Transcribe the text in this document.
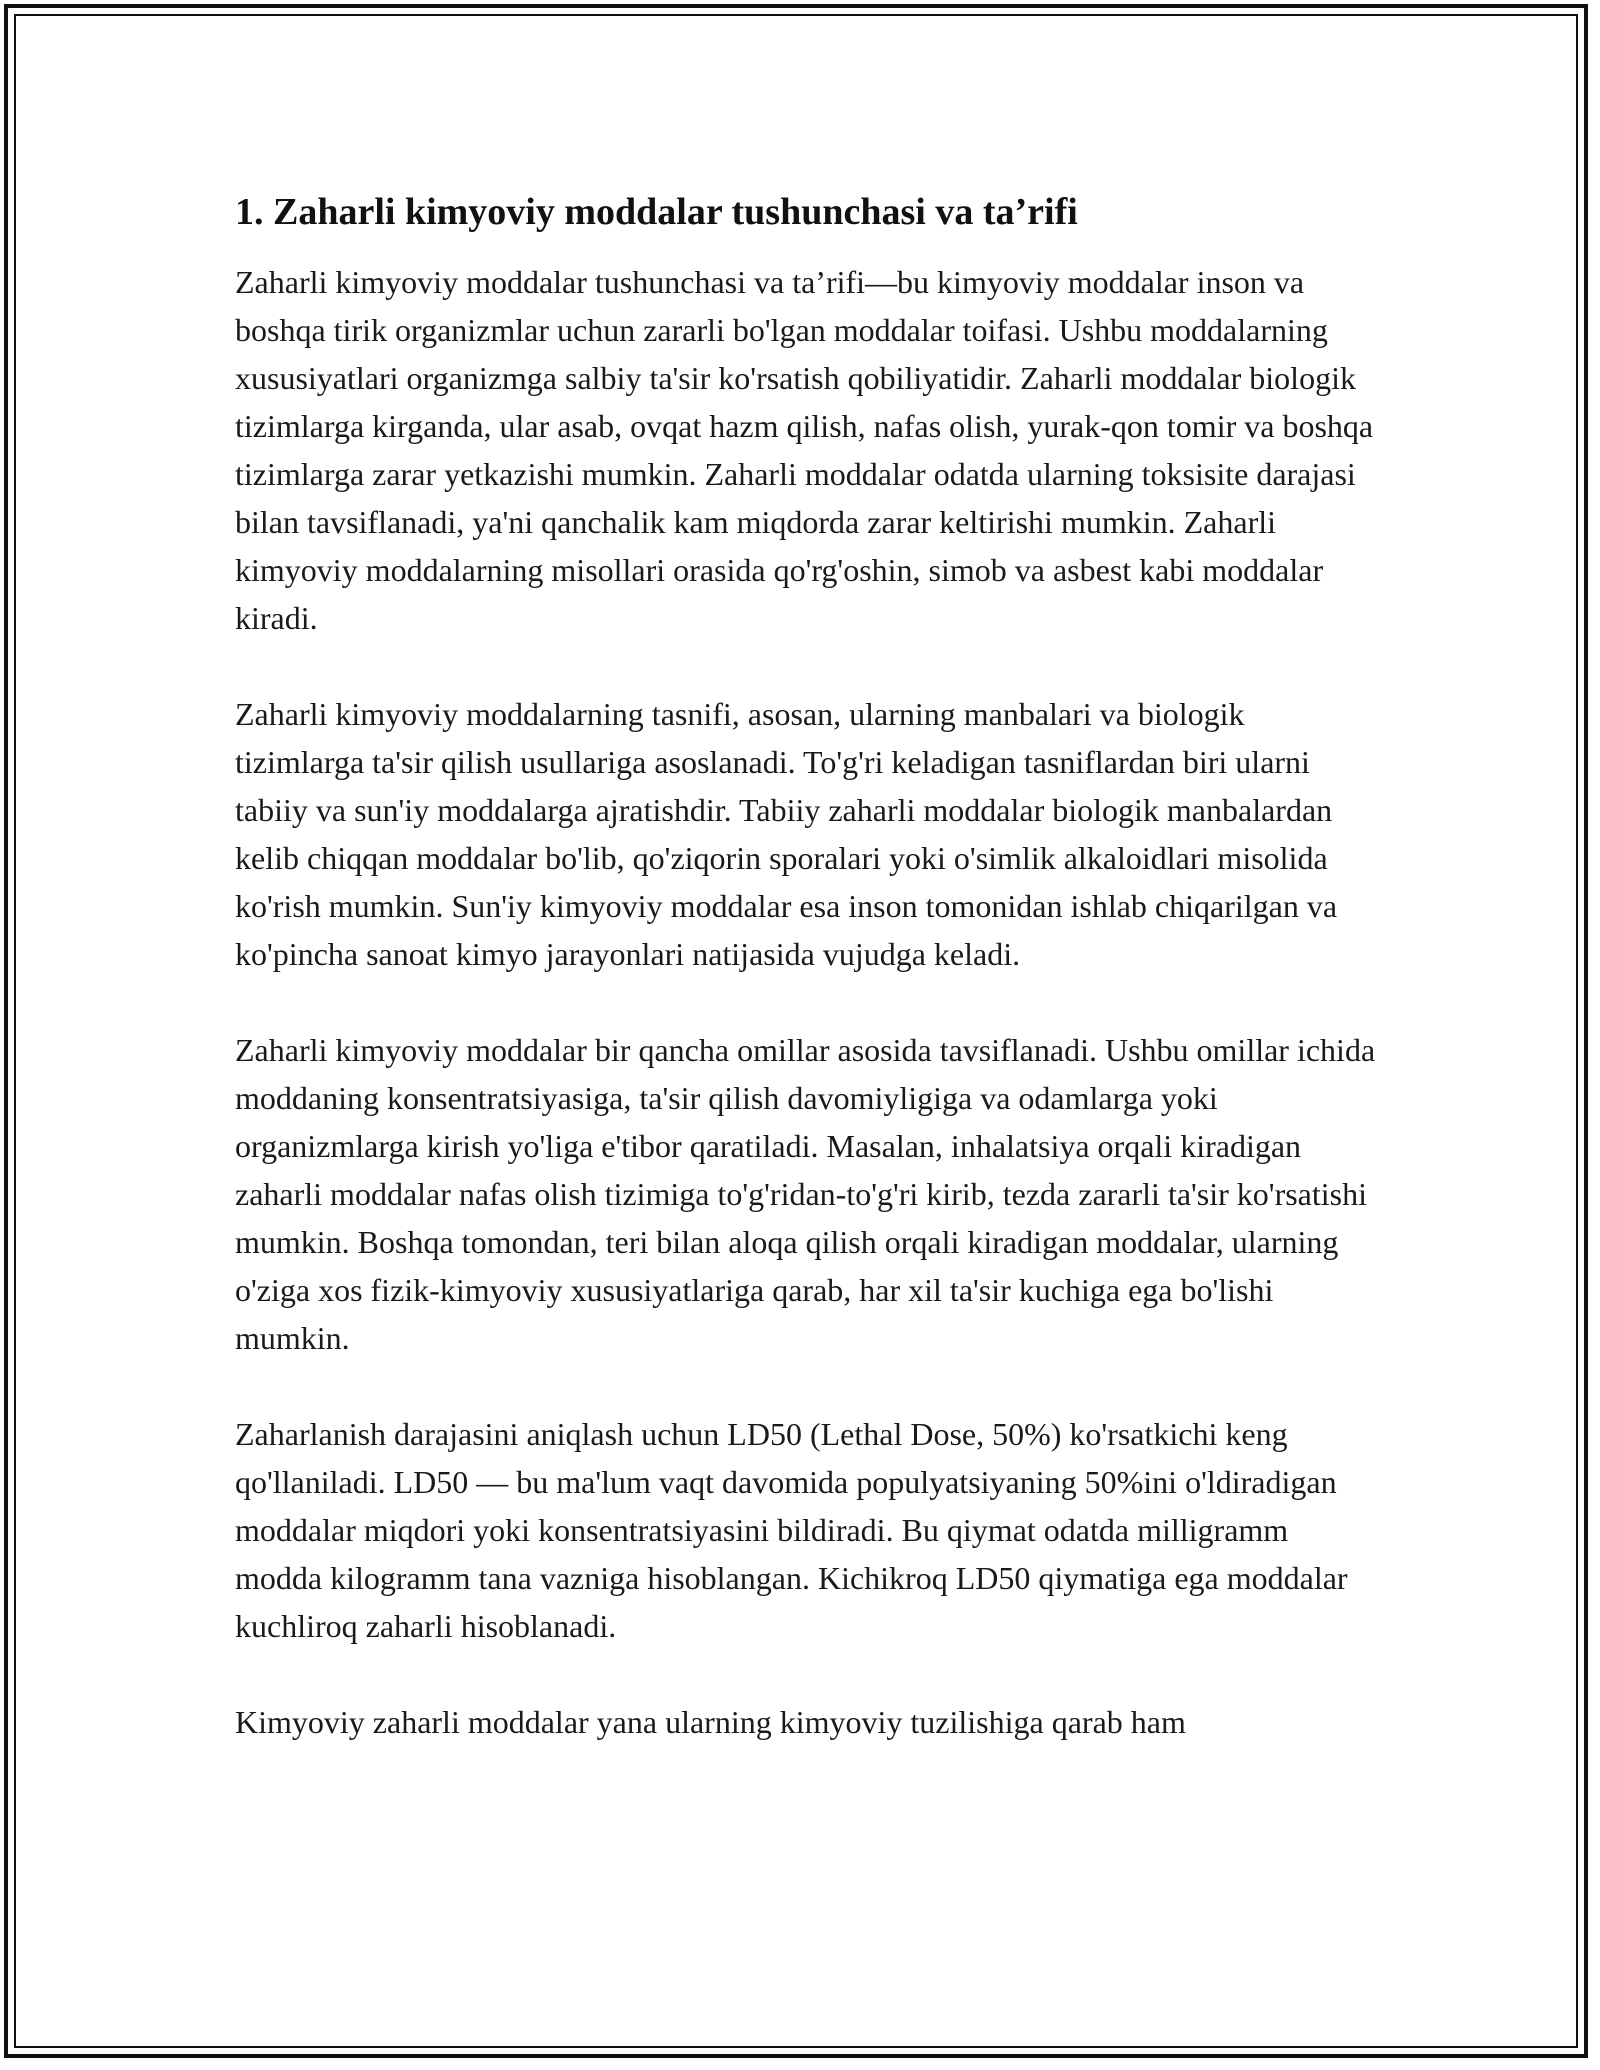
1. Zaharli kimyoviy moddalar tushunchasi va ta’rifi

Zaharli kimyoviy moddalar tushunchasi va ta’rifi—bu kimyoviy moddalar inson va boshqa tirik organizmlar uchun zararli bo'lgan moddalar toifasi. Ushbu moddalarning xususiyatlari organizmga salbiy ta'sir ko'rsatish qobiliyatidir. Zaharli moddalar biologik tizimlarga kirganda, ular asab, ovqat hazm qilish, nafas olish, yurak-qon tomir va boshqa tizimlarga zarar yetkazishi mumkin. Zaharli moddalar odatda ularning toksisite darajasi bilan tavsiflanadi, ya'ni qanchalik kam miqdorda zarar keltirishi mumkin. Zaharli kimyoviy moddalarning misollari orasida qo'rg'oshin, simob va asbest kabi moddalar kiradi.

Zaharli kimyoviy moddalarning tasnifi, asosan, ularning manbalari va biologik tizimlarga ta'sir qilish usullariga asoslanadi. To'g'ri keladigan tasniflardan biri ularni tabiiy va sun'iy moddalarga ajratishdir. Tabiiy zaharli moddalar biologik manbalardan kelib chiqqan moddalar bo'lib, qo'ziqorin sporalari yoki o'simlik alkaloidlari misolida ko'rish mumkin. Sun'iy kimyoviy moddalar esa inson tomonidan ishlab chiqarilgan va ko'pincha sanoat kimyo jarayonlari natijasida vujudga keladi.

Zaharli kimyoviy moddalar bir qancha omillar asosida tavsiflanadi. Ushbu omillar ichida moddaning konsentratsiyasiga, ta'sir qilish davomiyligiga va odamlarga yoki organizmlarga kirish yo'liga e'tibor qaratiladi. Masalan, inhalatsiya orqali kiradigan zaharli moddalar nafas olish tizimiga to'g'ridan-to'g'ri kirib, tezda zararli ta'sir ko'rsatishi mumkin. Boshqa tomondan, teri bilan aloqa qilish orqali kiradigan moddalar, ularning o'ziga xos fizik-kimyoviy xususiyatlariga qarab, har xil ta'sir kuchiga ega bo'lishi mumkin.

Zaharlanish darajasini aniqlash uchun LD50 (Lethal Dose, 50%) ko'rsatkichi keng qo'llaniladi. LD50 — bu ma'lum vaqt davomida populyatsiyaning 50%ini o'ldiradigan moddalar miqdori yoki konsentratsiyasini bildiradi. Bu qiymat odatda milligramm modda kilogramm tana vazniga hisoblangan. Kichikroq LD50 qiymatiga ega moddalar kuchliroq zaharli hisoblanadi.

Kimyoviy zaharli moddalar yana ularning kimyoviy tuzilishiga qarab ham
